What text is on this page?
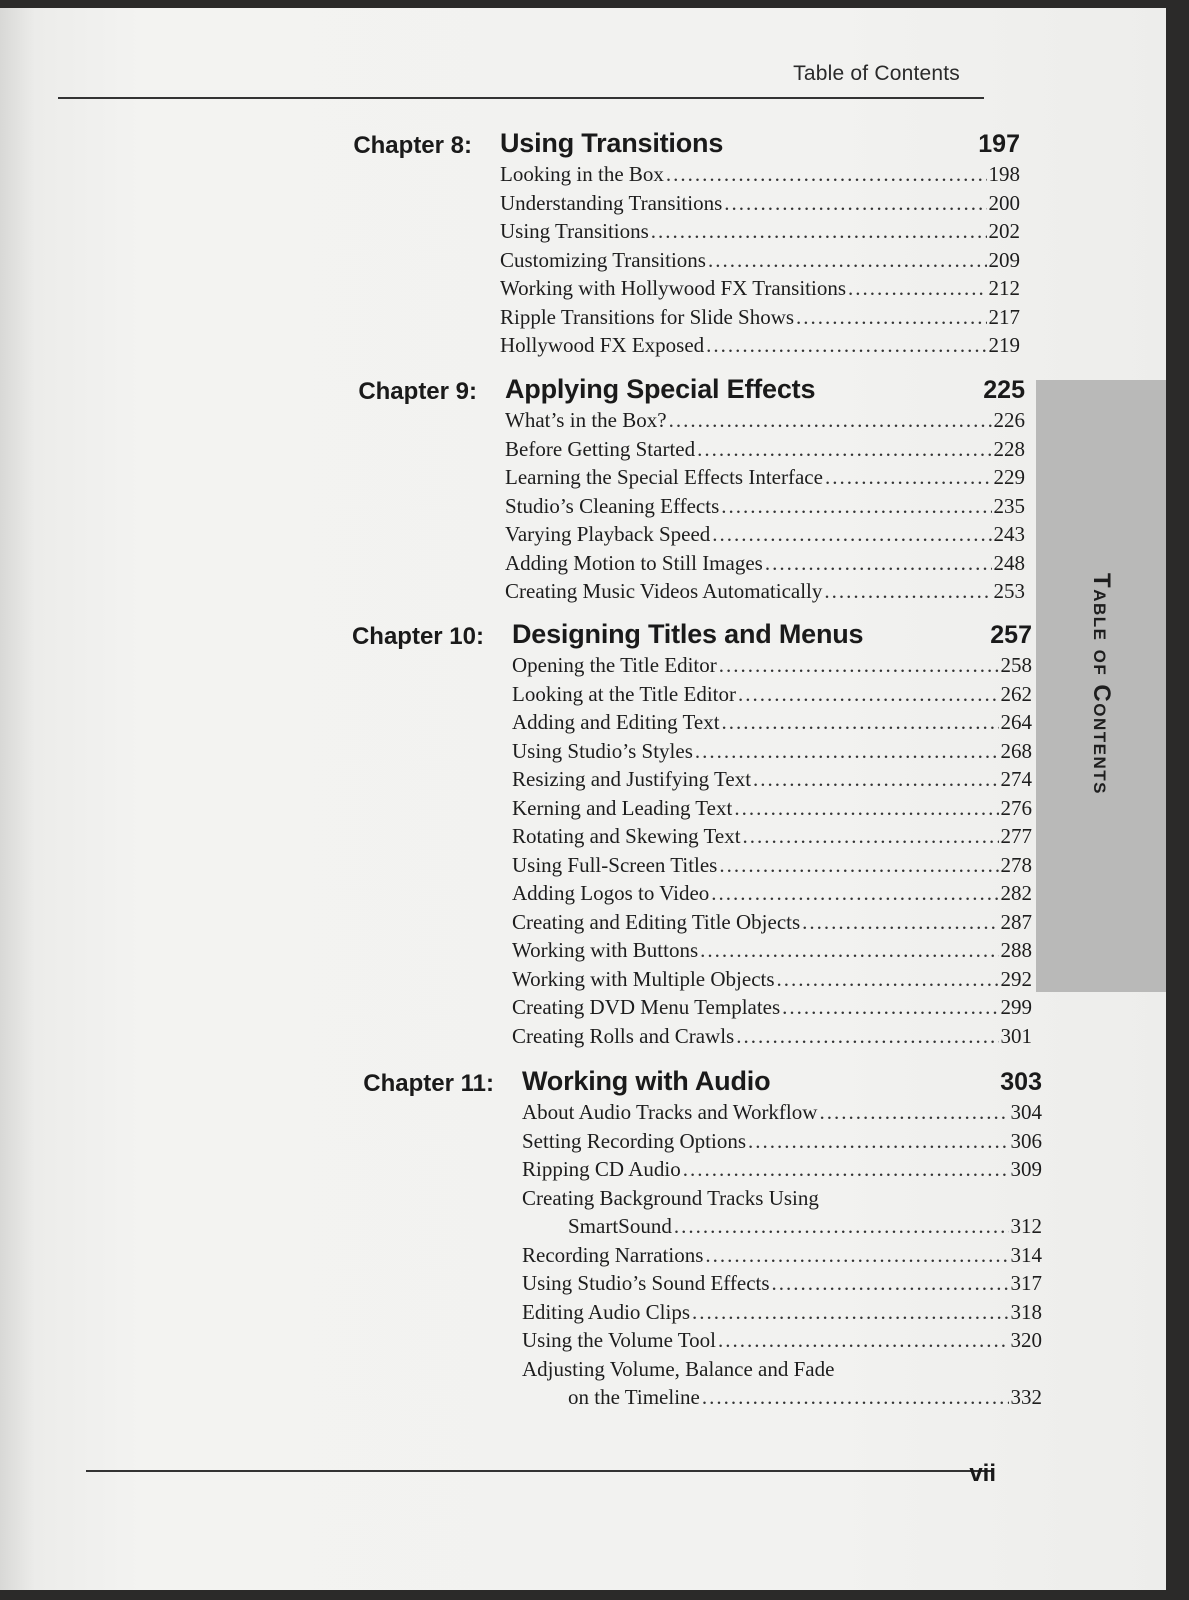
Table of Contents
Table of Contents
Chapter 8: Using Transitions	197
Looking in the Box .....	198
Understanding Transitions .....	200
Using Transitions .....	202
Customizing Transitions .....	209
Working with Hollywood FX Transitions .....	212
Ripple Transitions for Slide Shows .....	217
Hollywood FX Exposed .....	219
Chapter 9: Applying Special Effects	225
What’s in the Box? .....	226
Before Getting Started .....	228
Learning the Special Effects Interface .....	229
Studio’s Cleaning Effects .....	235
Varying Playback Speed .....	243
Adding Motion to Still Images .....	248
Creating Music Videos Automatically .....	253
Chapter 10: Designing Titles and Menus	257
Opening the Title Editor .....	258
Looking at the Title Editor .....	262
Adding and Editing Text .....	264
Using Studio’s Styles .....	268
Resizing and Justifying Text .....	274
Kerning and Leading Text .....	276
Rotating and Skewing Text .....	277
Using Full-Screen Titles .....	278
Adding Logos to Video .....	282
Creating and Editing Title Objects .....	287
Working with Buttons .....	288
Working with Multiple Objects .....	292
Creating DVD Menu Templates .....	299
Creating Rolls and Crawls .....	301
Chapter 11: Working with Audio	303
About Audio Tracks and Workflow .....	304
Setting Recording Options .....	306
Ripping CD Audio .....	309
Creating Background Tracks Using
SmartSound .....	312
Recording Narrations .....	314
Using Studio’s Sound Effects .....	317
Editing Audio Clips .....	318
Using the Volume Tool .....	320
Adjusting Volume, Balance and Fade
on the Timeline .....	332
vii
